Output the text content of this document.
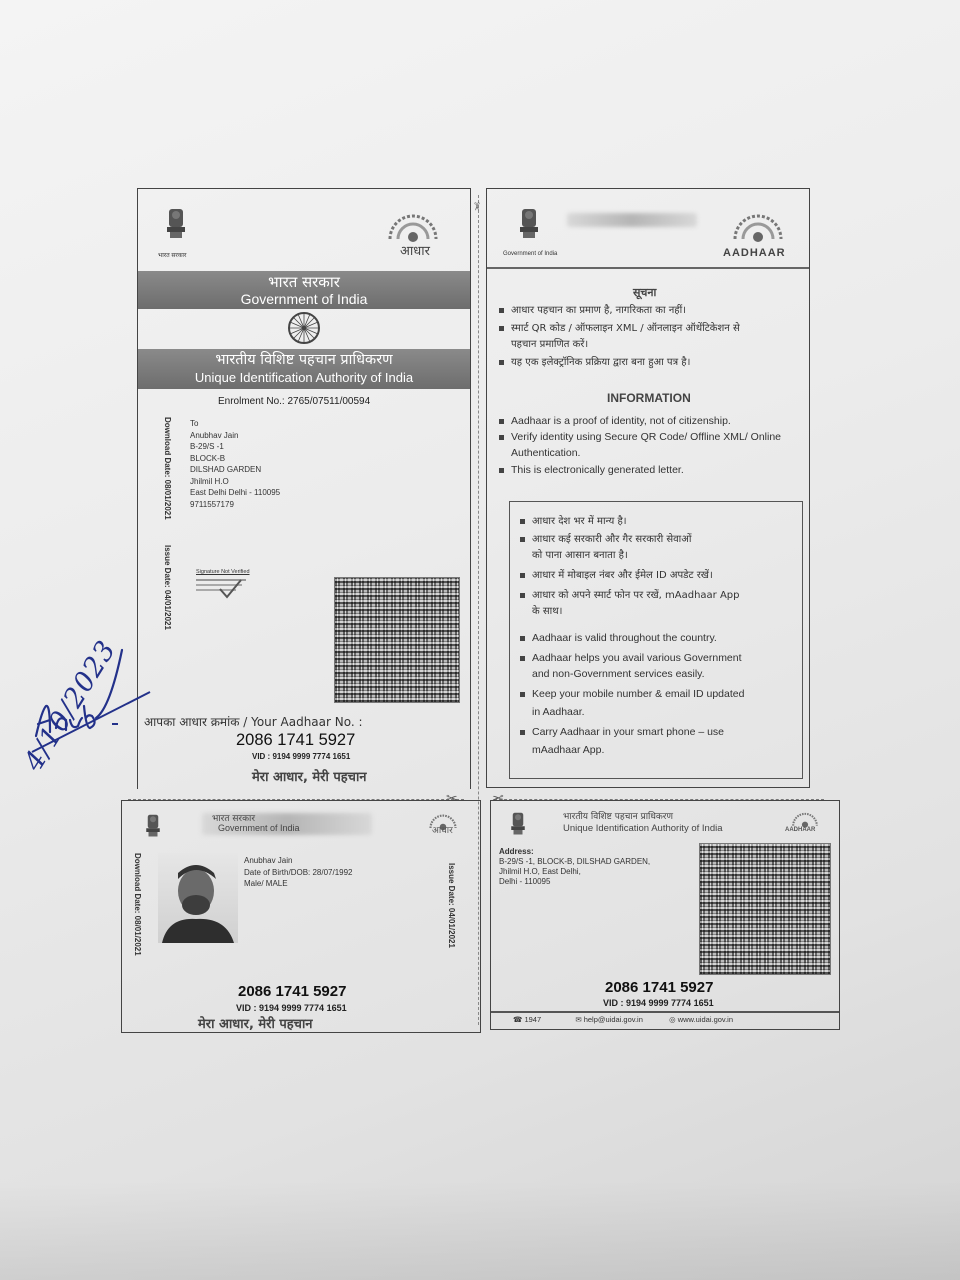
भारत सरकार	आधार
भारत सरकार
Government of India
भारतीय विशिष्ट पहचान प्राधिकरण
Unique Identification Authority of India
Enrolment No.: 2765/07511/00594
To
Anubhav Jain
B-29/S -1
BLOCK-B
DILSHAD GARDEN
Jhilmil H.O
East Delhi Delhi - 110095
9711557179
Download Date: 08/01/2021
Issue Date: 04/01/2021	Signature Not Verified
आपका आधार क्रमांक / Your Aadhaar No. :
2086 1741 5927
VID : 9194 9999 7774 1651
मेरा आधार, मेरी पहचान
✂
भारत सरकार
Government of India	आधार
Download Date: 08/01/2021	Anubhav Jain
Date of Birth/DOB: 28/07/1992
Male/ MALE	Issue Date: 04/01/2021
2086 1741 5927
VID : 9194 9999 7774 1651
मेरा आधार, मेरी पहचान
✂
Government of India	AADHAAR
सूचना
आधार पहचान का प्रमाण है, नागरिकता का नहीं।
स्मार्ट QR कोड / ऑफलाइन XML / ऑनलाइन ऑथेंटिकेशन से
पहचान प्रमाणित करें।
यह एक इलेक्ट्रॉनिक प्रक्रिया द्वारा बना हुआ पत्र है।
INFORMATION
Aadhaar is a proof of identity, not of citizenship.
Verify identity using Secure QR Code/ Offline XML/ Online
Authentication.
This is electronically generated letter.
आधार देश भर में मान्य है।
आधार कई सरकारी और गैर सरकारी सेवाओं
को पाना आसान बनाता है।
आधार में मोबाइल नंबर और ईमेल ID अपडेट रखें।
आधार को अपने स्मार्ट फोन पर रखें, mAadhaar App
के साथ।
Aadhaar is valid throughout the country.
Aadhaar helps you avail various Government
and non-Government services easily.
Keep your mobile number & email ID updated
in Aadhaar.
Carry Aadhaar in your smart phone – use
mAadhaar App.
✂
भारतीय विशिष्ट पहचान प्राधिकरण
Unique Identification Authority of India	AADHAAR
Address:
B-29/S -1, BLOCK-B, DILSHAD GARDEN,
Jhilmil H.O, East Delhi,
Delhi - 110095
2086 1741 5927
VID : 9194 9999 7774 1651
☎ 1947	✉ help@uidai.gov.in	◎ www.uidai.gov.in
4/10/2023
